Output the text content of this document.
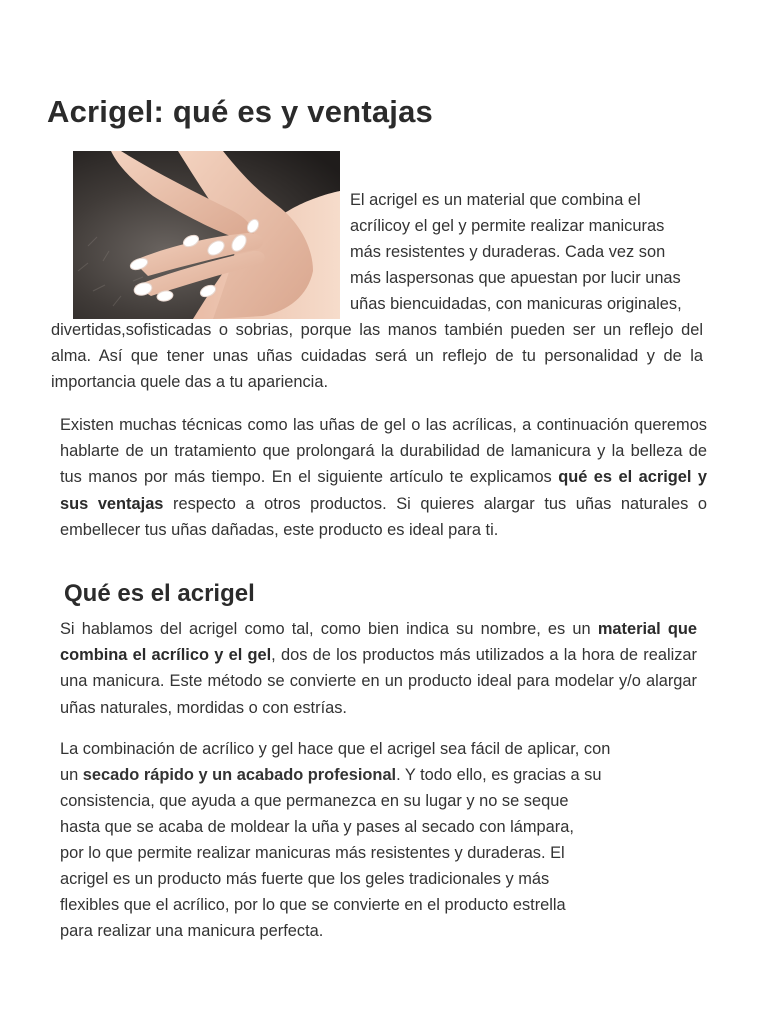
Acrigel: qué es y ventajas

El acrigel es un material que combina el

acrílicoy el gel y permite realizar manicuras

más resistentes y duraderas. Cada vez son

más laspersonas que apuestan por lucir unas

uñas biencuidadas, con manicuras originales,

divertidas,sofisticadas o sobrias, porque las manos también pueden ser un reflejo del alma. Así que tener unas uñas cuidadas será un reflejo de tu personalidad y de la importancia quele das a tu apariencia.

Existen muchas técnicas como las uñas de gel o las acrílicas, a continuación queremos hablarte de un tratamiento que prolongará la durabilidad de lamanicura y la belleza de tus manos por más tiempo. En el siguiente artículo te explicamos qué es el acrigel y sus ventajas respecto a otros productos. Si quieres alargar tus uñas naturales o embellecer tus uñas dañadas, este producto es ideal para ti.

Qué es el acrigel

Si hablamos del acrigel como tal, como bien indica su nombre, es un material que combina el acrílico y el gel, dos de los productos más utilizados a la hora de realizar una manicura. Este método se convierte en un producto ideal para modelar y/o alargar uñas naturales, mordidas o con estrías.

La combinación de acrílico y gel hace que el acrigel sea fácil de aplicar, con

un secado rápido y un acabado profesional. Y todo ello, es gracias a su

consistencia, que ayuda a que permanezca en su lugar y no se seque

hasta que se acaba de moldear la uña y pases al secado con lámpara,

por lo que permite realizar manicuras más resistentes y duraderas. El

acrigel es un producto más fuerte que los geles tradicionales y más

flexibles que el acrílico, por lo que se convierte en el producto estrella

para realizar una manicura perfecta.
